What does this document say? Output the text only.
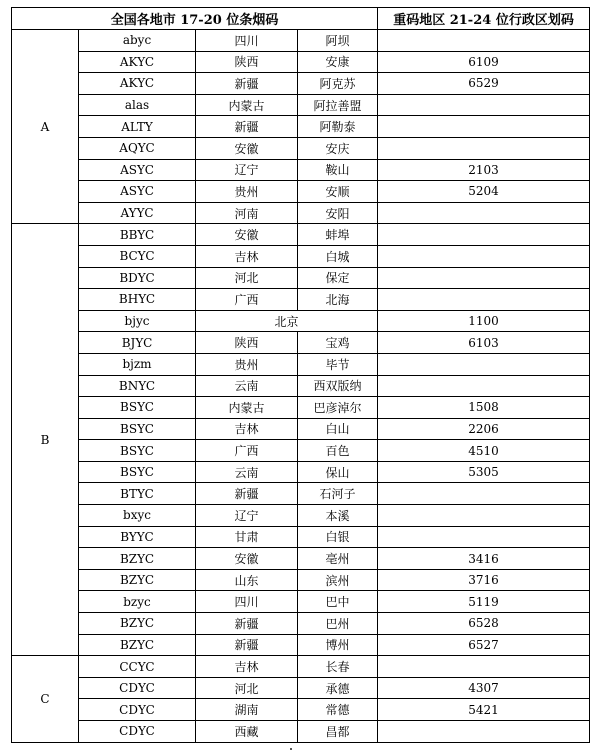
全国各地市 17-20 位条烟码				重码地区 21-24 位行政区划码
A	abyc	四川	阿坝	
	AKYC	陕西	安康	6109
	AKYC	新疆	阿克苏	6529
	alas	内蒙古	阿拉善盟	
	ALTY	新疆	阿勒泰	
	AQYC	安徽	安庆	
	ASYC	辽宁	鞍山	2103
	ASYC	贵州	安顺	5204
	AYYC	河南	安阳	
B	BBYC	安徽	蚌埠	
	BCYC	吉林	白城	
	BDYC	河北	保定	
	BHYC	广西	北海	
	bjyc	北京		1100
	BJYC	陕西	宝鸡	6103
	bjzm	贵州	毕节	
	BNYC	云南	西双版纳	
	BSYC	内蒙古	巴彦淖尔	1508
	BSYC	吉林	白山	2206
	BSYC	广西	百色	4510
	BSYC	云南	保山	5305
	BTYC	新疆	石河子	
	bxyc	辽宁	本溪	
	BYYC	甘肃	白银	
	BZYC	安徽	亳州	3416
	BZYC	山东	滨州	3716
	bzyc	四川	巴中	5119
	BZYC	新疆	巴州	6528
	BZYC	新疆	博州	6527
C	CCYC	吉林	长春	
	CDYC	河北	承德	4307
	CDYC	湖南	常德	5421
	CDYC	西藏	昌都	
